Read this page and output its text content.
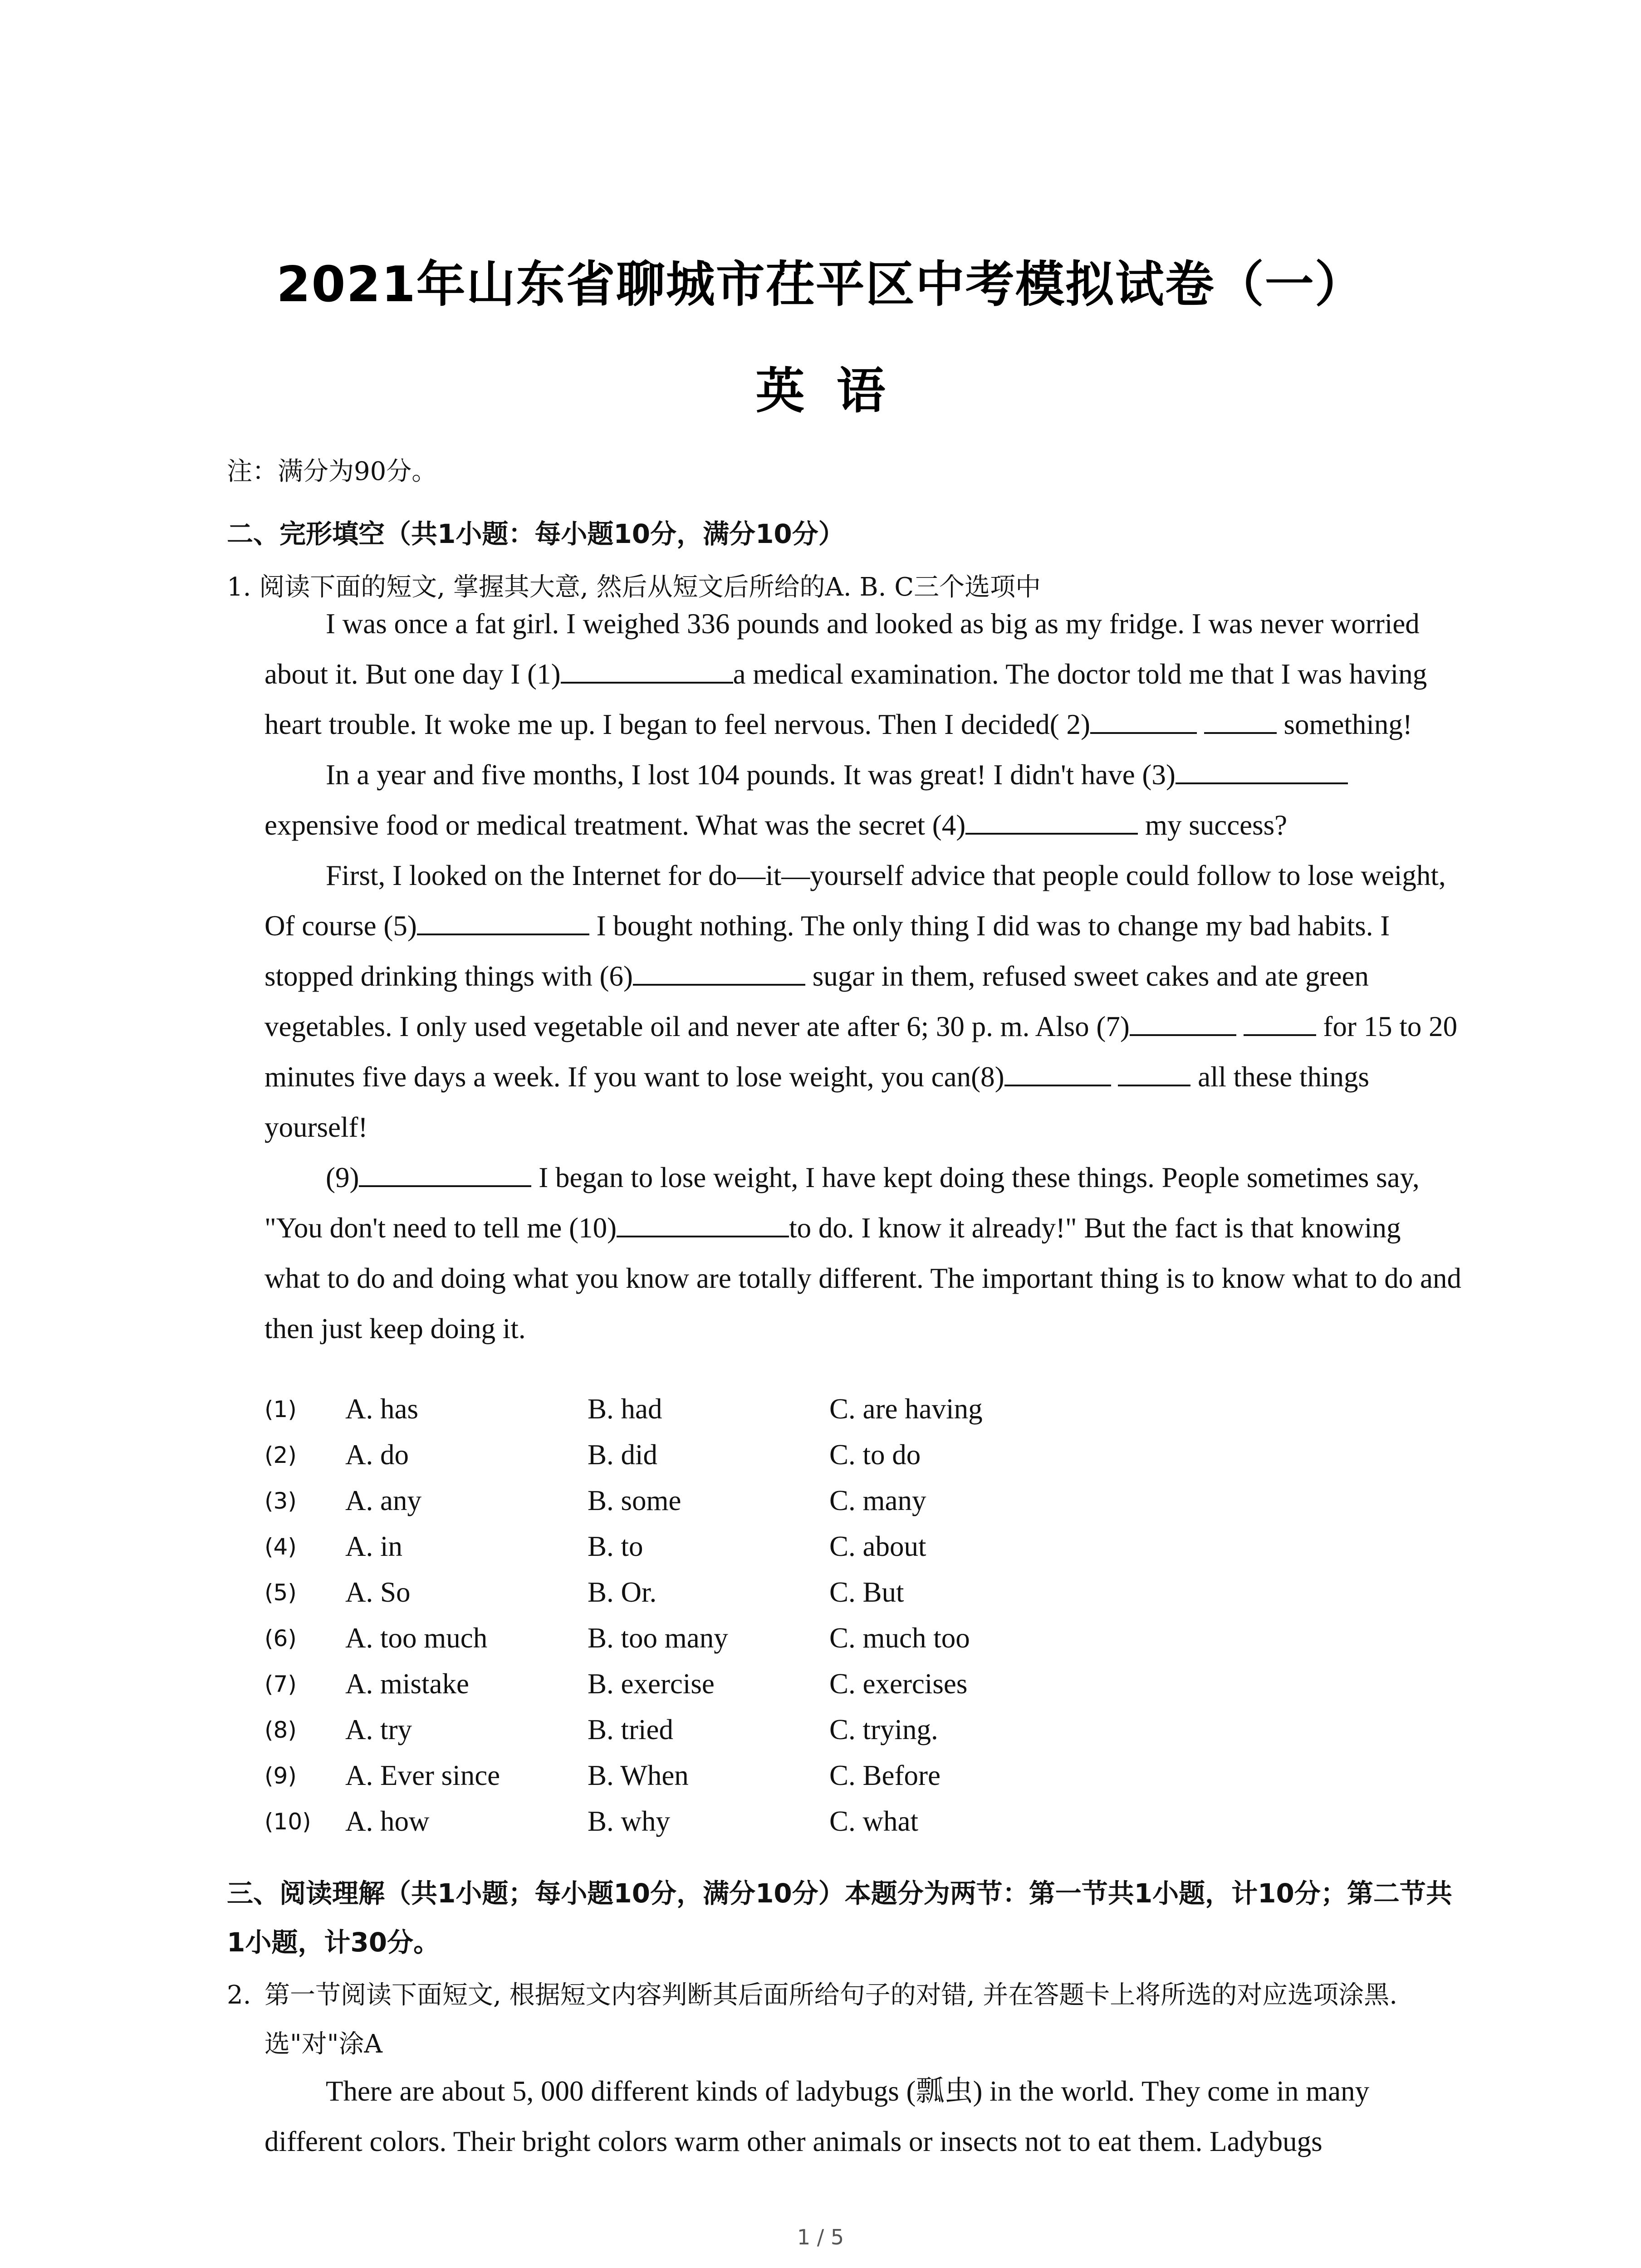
2021年山东省聊城市茌平区中考模拟试卷（一）
英语
注：满分为90分。
二、完形填空（共1小题：每小题10分，满分10分）
1. 阅读下面的短文, 掌握其大意, 然后从短文后所给的A. B. C三个选项中

I was once a fat girl. I weighed 336 pounds and looked as big as my fridge. I was never worried about it. But one day I (1)	a medical examination. The doctor told me that I was having heart trouble. It woke me up. I began to feel nervous. Then I decided( 2)	something!

In a year and five months, I lost 104 pounds. It was great! I didn't have (3) expensive food or medical treatment. What was the secret (4)	my success?

First, I looked on the Internet for do—it—yourself advice that people could follow to lose weight, Of course (5)	I bought nothing. The only thing I did was to change my bad habits. I stopped drinking things with (6)	sugar in them, refused sweet cakes and ate green vegetables. I only used vegetable oil and never ate after 6; 30 p. m. Also (7)	for 15 to 20 minutes five days a week. If you want to lose weight, you can(8)	all these things yourself!

(9)	I began to lose weight, I have kept doing these things. People sometimes say, "You don't need to tell me (10)	to do. I know it already!" But the fact is that knowing what to do and doing what you know are totally different. The important thing is to know what to do and then just keep doing it.

(1) A. has	B. had	C. are having
(2) A. do	B. did	C. to do
(3) A. any	B. some	C. many
(4) A. in	B. to	C. about
(5) A. So	B. Or.	C. But
(6) A. too much	B. too many	C. much too
(7) A. mistake	B. exercise	C. exercises
(8) A. try	B. tried	C. trying.
(9) A. Ever since	B. When	C. Before
(10) A. how	B. why	C. what
三、阅读理解（共1小题；每小题10分，满分10分）本题分为两节：第一节共1小题，计10分；第二节共1小题，计30分。
2. 第一节阅读下面短文, 根据短文内容判断其后面所给句子的对错, 并在答题卡上将所选的对应选项涂黑. 选"对"涂A

There are about 5, 000 different kinds of ladybugs (瓢虫) in the world. They come in many different colors. Their bright colors warm other animals or insects not to eat them. Ladybugs

1 / 5
